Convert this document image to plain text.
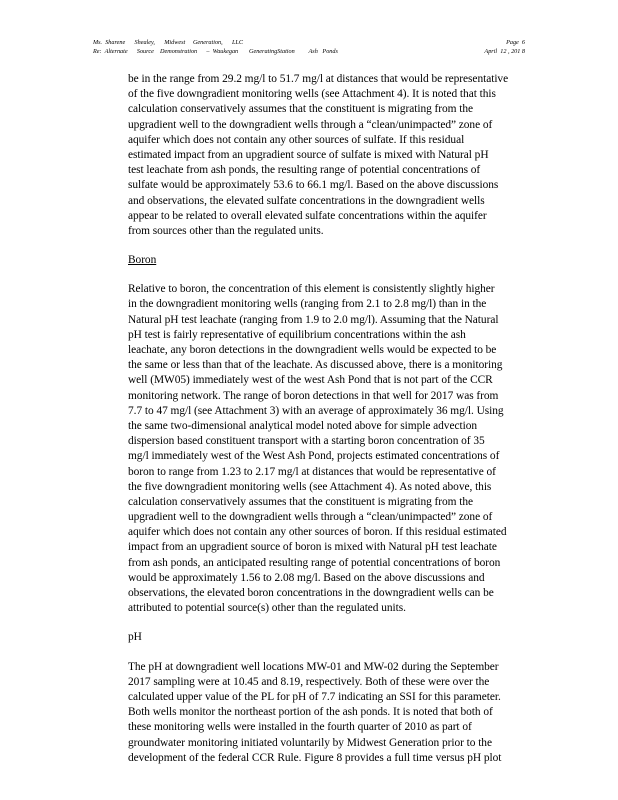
Ms.  Sharene      Shealey,      Midwest     Generation,      LLC	Page  6
Re:  Alternate      Source    Demonstration      –  Waukegan       GeneratingStation         Ash   Ponds	April  12 , 201 8
be in the range from 29.2 mg/l to 51.7 mg/l at distances that would be representative
of the five downgradient monitoring wells (see Attachment 4). It is noted that this
calculation conservatively assumes that the constituent is migrating from the
upgradient well to the downgradient wells through a “clean/unimpacted” zone of
aquifer which does not contain any other sources of sulfate. If this residual
estimated impact from an upgradient source of sulfate is mixed with Natural pH
test leachate from ash ponds, the resulting range of potential concentrations of
sulfate would be approximately 53.6 to 66.1 mg/l. Based on the above discussions
and observations, the elevated sulfate concentrations in the downgradient wells
appear to be related to overall elevated sulfate concentrations within the aquifer
from sources other than the regulated units.
Boron
Relative to boron, the concentration of this element is consistently slightly higher
in the downgradient monitoring wells (ranging from 2.1 to 2.8 mg/l) than in the
Natural pH test leachate (ranging from 1.9 to 2.0 mg/l). Assuming that the Natural
pH test is fairly representative of equilibrium concentrations within the ash
leachate, any boron detections in the downgradient wells would be expected to be
the same or less than that of the leachate. As discussed above, there is a monitoring
well (MW05) immediately west of the west Ash Pond that is not part of the CCR
monitoring network. The range of boron detections in that well for 2017 was from
7.7 to 47 mg/l (see Attachment 3) with an average of approximately 36 mg/l. Using
the same two-dimensional analytical model noted above for simple advection
dispersion based constituent transport with a starting boron concentration of 35
mg/l immediately west of the West Ash Pond, projects estimated concentrations of
boron to range from 1.23 to 2.17 mg/l at distances that would be representative of
the five downgradient monitoring wells (see Attachment 4). As noted above, this
calculation conservatively assumes that the constituent is migrating from the
upgradient well to the downgradient wells through a “clean/unimpacted” zone of
aquifer which does not contain any other sources of boron. If this residual estimated
impact from an upgradient source of boron is mixed with Natural pH test leachate
from ash ponds, an anticipated resulting range of potential concentrations of boron
would be approximately 1.56 to 2.08 mg/l. Based on the above discussions and
observations, the elevated boron concentrations in the downgradient wells can be
attributed to potential source(s) other than the regulated units.
pH
The pH at downgradient well locations MW-01 and MW-02 during the September
2017 sampling were at 10.45 and 8.19, respectively. Both of these were over the
calculated upper value of the PL for pH of 7.7 indicating an SSI for this parameter.
Both wells monitor the northeast portion of the ash ponds. It is noted that both of
these monitoring wells were installed in the fourth quarter of 2010 as part of
groundwater monitoring initiated voluntarily by Midwest Generation prior to the
development of the federal CCR Rule. Figure 8 provides a full time versus pH plot
